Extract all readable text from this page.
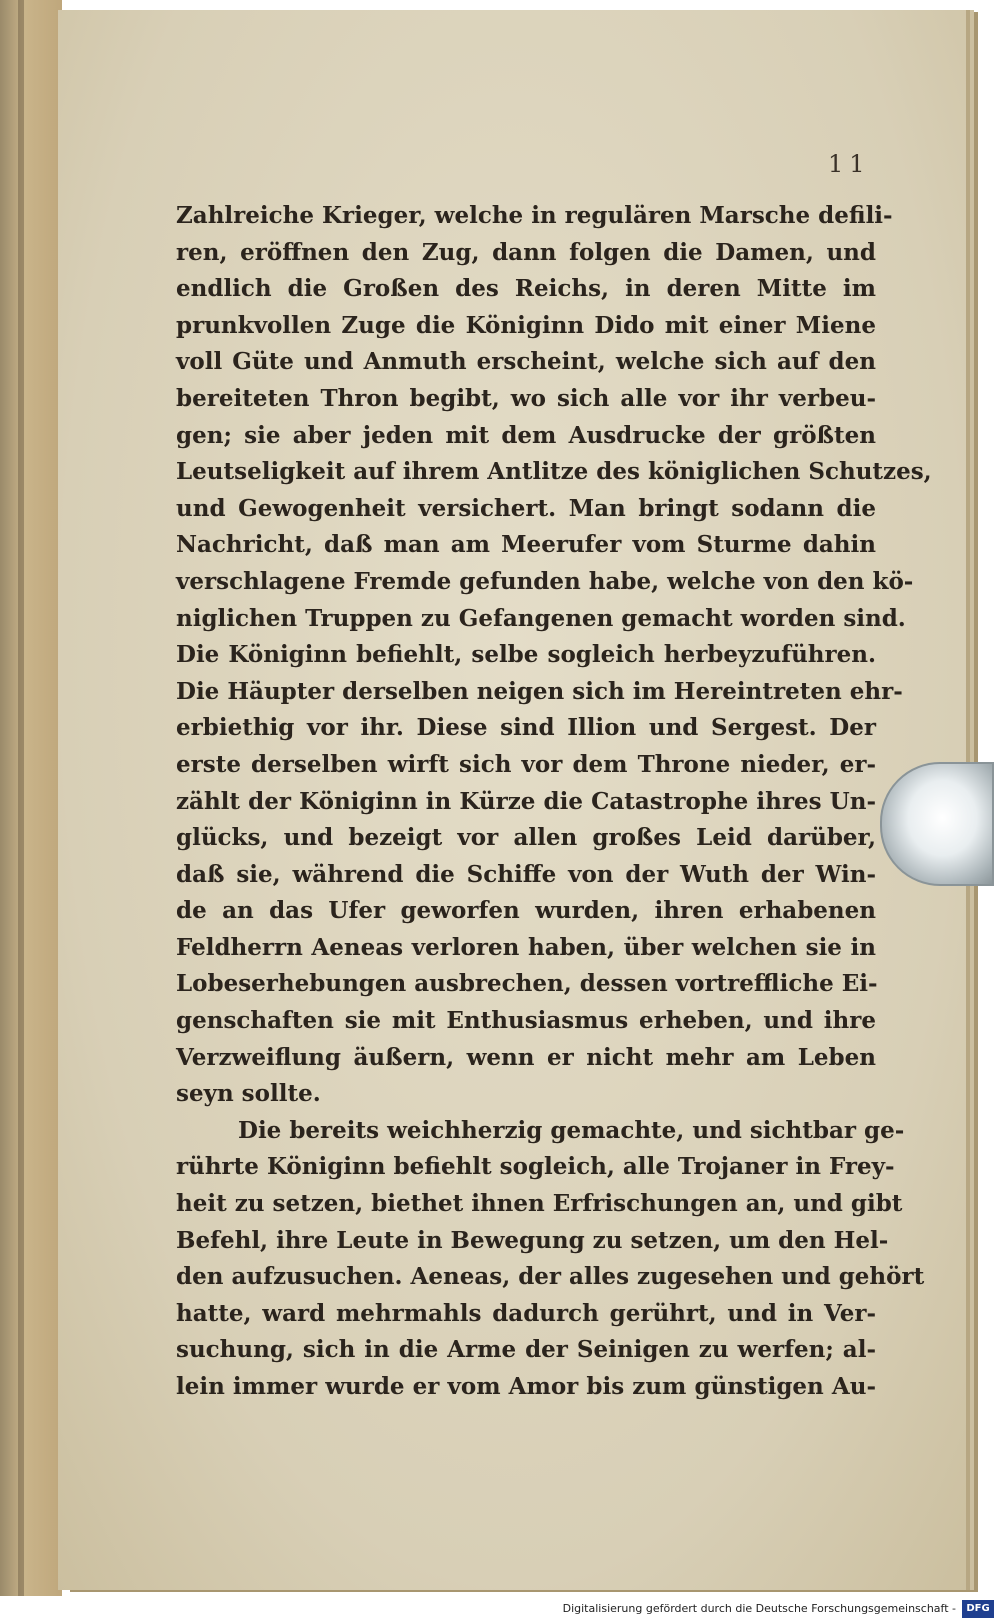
11
Zahlreiche Krieger, welche in regulären Marsche defili-
ren, eröffnen den Zug, dann folgen die Damen, und
endlich die Großen des Reichs, in deren Mitte im
prunkvollen Zuge die Königinn Dido mit einer Miene
voll Güte und Anmuth erscheint, welche sich auf den
bereiteten Thron begibt, wo sich alle vor ihr verbeu-
gen; sie aber jeden mit dem Ausdrucke der größten
Leutseligkeit auf ihrem Antlitze des königlichen Schutzes,
und Gewogenheit versichert. Man bringt sodann die
Nachricht, daß man am Meerufer vom Sturme dahin
verschlagene Fremde gefunden habe, welche von den kö-
niglichen Truppen zu Gefangenen gemacht worden sind.
Die Königinn befiehlt, selbe sogleich herbeyzuführen.
Die Häupter derselben neigen sich im Hereintreten ehr-
erbiethig vor ihr. Diese sind Illion und Sergest. Der
erste derselben wirft sich vor dem Throne nieder, er-
zählt der Königinn in Kürze die Catastrophe ihres Un-
glücks, und bezeigt vor allen großes Leid darüber,
daß sie, während die Schiffe von der Wuth der Win-
de an das Ufer geworfen wurden, ihren erhabenen
Feldherrn Aeneas verloren haben, über welchen sie in
Lobeserhebungen ausbrechen, dessen vortreffliche Ei-
genschaften sie mit Enthusiasmus erheben, und ihre
Verzweiflung äußern, wenn er nicht mehr am Leben
seyn sollte.
Die bereits weichherzig gemachte, und sichtbar ge-
rührte Königinn befiehlt sogleich, alle Trojaner in Frey-
heit zu setzen, biethet ihnen Erfrischungen an, und gibt
Befehl, ihre Leute in Bewegung zu setzen, um den Hel-
den aufzusuchen. Aeneas, der alles zugesehen und gehört
hatte, ward mehrmahls dadurch gerührt, und in Ver-
suchung, sich in die Arme der Seinigen zu werfen; al-
lein immer wurde er vom Amor bis zum günstigen Au-
Digitalisierung gefördert durch die Deutsche Forschungsgemeinschaft -	DFG
